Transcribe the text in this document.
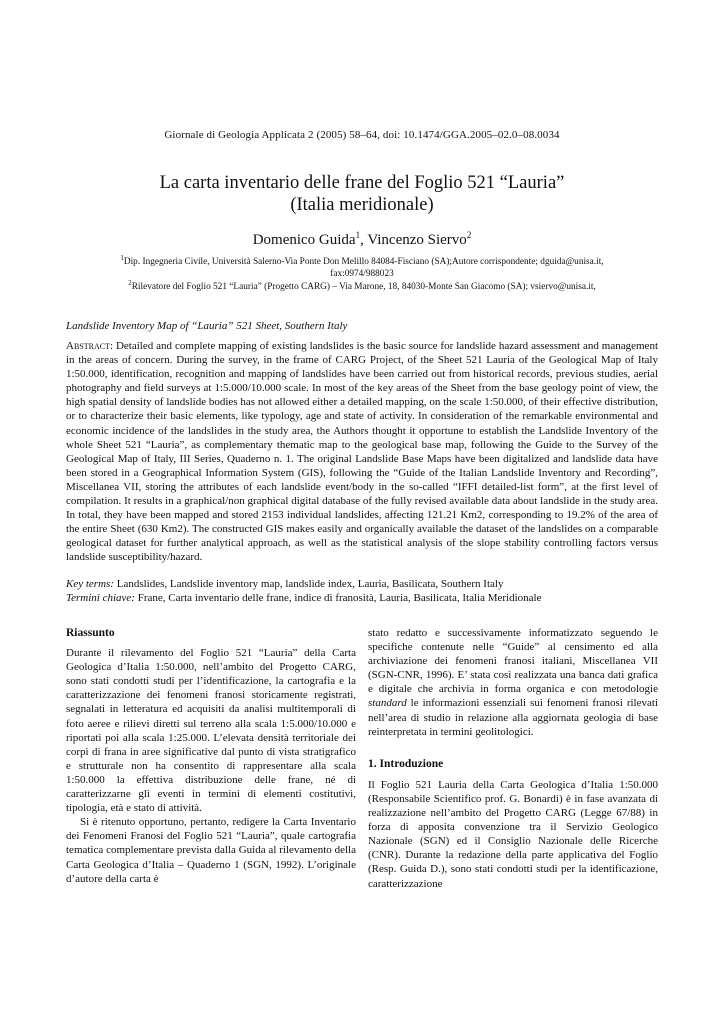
Giornale di Geologia Applicata 2 (2005) 58–64, doi: 10.1474/GGA.2005–02.0–08.0034
La carta inventario delle frane del Foglio 521 “Lauria”
(Italia meridionale)
Domenico Guida$^1$, Vincenzo Siervo$^2$
$^1$Dip. Ingegneria Civile, Università Salerno-Via Ponte Don Melillo 84084-Fisciano (SA);Autore corrispondente; dguida@unisa.it,
fax:0974/988023
$^2$Rilevatore del Foglio 521 “Lauria” (Progetto CARG) – Via Marone, 18, 84030-Monte San Giacomo (SA); vsiervo@unisa.it,
Landslide Inventory Map of “Lauria” 521 Sheet, Southern Italy

Abstract: Detailed and complete mapping of existing landslides is the basic source for landslide hazard assessment and management in the areas of concern. During the survey, in the frame of CARG Project, of the Sheet 521 Lauria of the Geological Map of Italy 1:50.000, identification, recognition and mapping of landslides have been carried out from historical records, previous studies, aerial photography and field surveys at 1:5.000/10.000 scale. In most of the key areas of the Sheet from the base geology point of view, the high spatial density of landslide bodies has not allowed either a detailed mapping, on the scale 1:50.000, of their effective distribution, or to characterize their basic elements, like typology, age and state of activity. In consideration of the remarkable environmental and economic incidence of the landslides in the study area, the Authors thought it opportune to establish the Landslide Inventory of the whole Sheet 521 “Lauria”, as complementary thematic map to the geological base map, following the Guide to the Survey of the Geological Map of Italy, III Series, Quaderno n. 1. The original Landslide Base Maps have been digitalized and landslide data have been stored in a Geographical Information System (GIS), following the “Guide of the Italian Landslide Inventory and Recording”, Miscellanea VII, storing the attributes of each landslide event/body in the so-called “IFFI detailed-list form”, at the first level of compilation. It results in a graphical/non graphical digital database of the fully revised available data about landslide in the study area. In total, they have been mapped and stored 2153 individual landslides, affecting 121.21 Km2, corresponding to 19.2% of the area of the entire Sheet (630 Km2). The constructed GIS makes easily and organically available the dataset of the landslides on a comparable geological dataset for further analytical approach, as well as the statistical analysis of the slope stability controlling factors versus landslide susceptibility/hazard.

Key terms: Landslides, Landslide inventory map, landslide index, Lauria, Basilicata, Southern Italy
Termini chiave: Frane, Carta inventario delle frane, indice di franosità, Lauria, Basilicata, Italia Meridionale
Riassunto

Durante il rilevamento del Foglio 521 “Lauria” della Carta Geologica d’Italia 1:50.000, nell’ambito del Progetto CARG, sono stati condotti studi per l’identificazione, la cartografia e la caratterizzazione dei fenomeni franosi storicamente registrati, segnalati in letteratura ed acquisiti da analisi multitemporali di foto aeree e rilievi diretti sul terreno alla scala 1:5.000/10.000 e riportati poi alla scala 1:25.000. L’elevata densità territoriale dei corpi di frana in aree significative dal punto di vista stratigrafico e strutturale non ha consentito di rappresentare alla scala 1:50.000 la effettiva distribuzione delle frane, né di caratterizzarne gli eventi in termini di elementi costitutivi, tipologia, età e stato di attività.

Si è ritenuto opportuno, pertanto, redigere la Carta Inventario dei Fenomeni Franosi del Foglio 521 “Lauria”, quale cartografia tematica complementare prevista dalla Guida al rilevamento della Carta Geologica d’Italia – Quaderno 1 (SGN, 1992). L’originale d’autore della carta è

stato redatto e successivamente informatizzato seguendo le specifiche contenute nelle “Guide” al censimento ed alla archiviazione dei fenomeni franosi italiani, Miscellanea VII (SGN-CNR, 1996). E’ stata così realizzata una banca dati grafica e digitale che archivia in forma organica e con metodologie standard le informazioni essenziali sui fenomeni franosi rilevati nell’area di studio in relazione alla aggiornata geologia di base reinterpretata in termini geolitologici.

1. Introduzione

Il Foglio 521 Lauria della Carta Geologica d’Italia 1:50.000 (Responsabile Scientifico prof. G. Bonardi) è in fase avanzata di realizzazione nell’ambito del Progetto CARG (Legge 67/88) in forza di apposita convenzione tra il Servizio Geologico Nazionale (SGN) ed il Consiglio Nazionale delle Ricerche (CNR). Durante la redazione della parte applicativa del Foglio (Resp. Guida D.), sono stati condotti studi per la identificazione, caratterizzazione
